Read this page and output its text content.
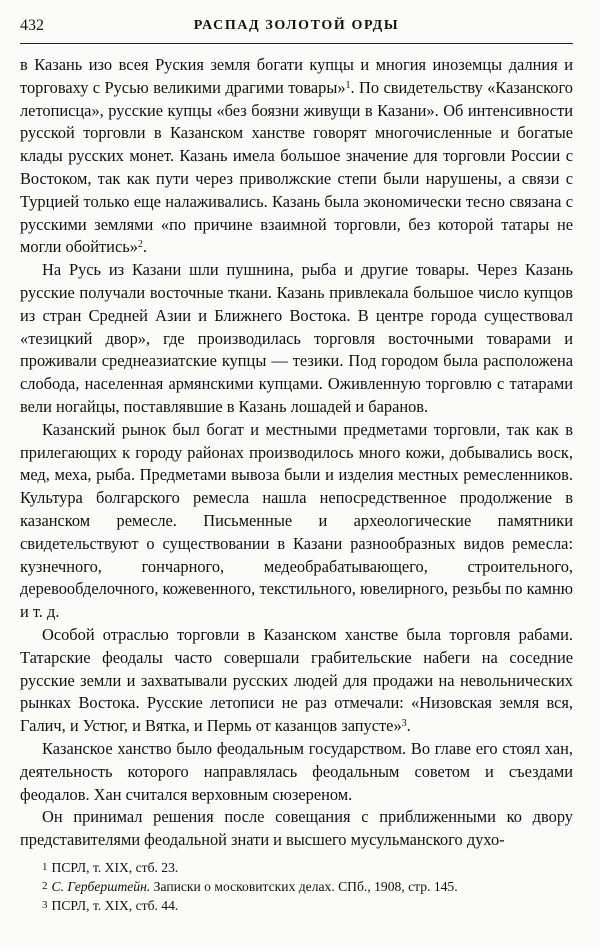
432	РАСПАД ЗОЛОТОЙ ОРДЫ

в Казань изо всея Руския земля богати купцы и многия иноземцы далния и торговаху с Русью великими драгими товары»$^1$. По свидетельству «Казанского летописца», русские купцы «без боязни живущи в Казани». Об интенсивности русской торговли в Казанском ханстве говорят многочисленные и богатые клады русских монет. Казань имела большое значение для торговли России с Востоком, так как пути через приволжские степи были нарушены, а связи с Турцией только еще налаживались. Казань была экономически тесно связана с русскими землями «по причине взаимной торговли, без которой татары не могли обойтись»$^2$.

На Русь из Казани шли пушнина, рыба и другие товары. Через Казань русские получали восточные ткани. Казань привлекала большое число купцов из стран Средней Азии и Ближнего Востока. В центре города существовал «тезицкий двор», где производилась торговля восточными товарами и проживали среднеазиатские купцы — тезики. Под городом была расположена слобода, населенная армянскими купцами. Оживленную торговлю с татарами вели ногайцы, поставлявшие в Казань лошадей и баранов.

Казанский рынок был богат и местными предметами торговли, так как в прилегающих к городу районах производилось много кожи, добывались воск, мед, мехa, рыба. Предметами вывоза были и изделия местных ремесленников. Культура болгарского ремесла нашла непосредственное продолжение в казанском ремесле. Письменные и археологические памятники свидетельствуют о существовании в Казани разнообразных видов ремесла: кузнечного, гончарного, медеобрабатывающего, строительного, деревообделочного, кожевенного, текстильного, ювелирного, резьбы по камню и т. д.

Особой отраслью торговли в Казанском ханстве была торговля рабами. Татарские феодалы часто совершали грабительские набеги на соседние русские земли и захватывали русских людей для продажи на невольнических рынках Востока. Русские летописи не раз отмечали: «Низовская земля вся, Галич, и Устюг, и Вятка, и Пермь от казанцов запусте»$^3$.

Казанское ханство было феодальным государством. Во главе его стоял хан, деятельность которого направлялась феодальным советом и съездами феодалов. Хан считался верховным сюзереном.

Он принимал решения после совещания с приближенными ко двору представителями феодальной знати и высшего мусульманского духо-

1 ПСРЛ, т. XIX, стб. 23.

2 С. Герберштейн. Записки о московитских делах. СПб., 1908, стр. 145.

3 ПСРЛ, т. XIX, стб. 44.
